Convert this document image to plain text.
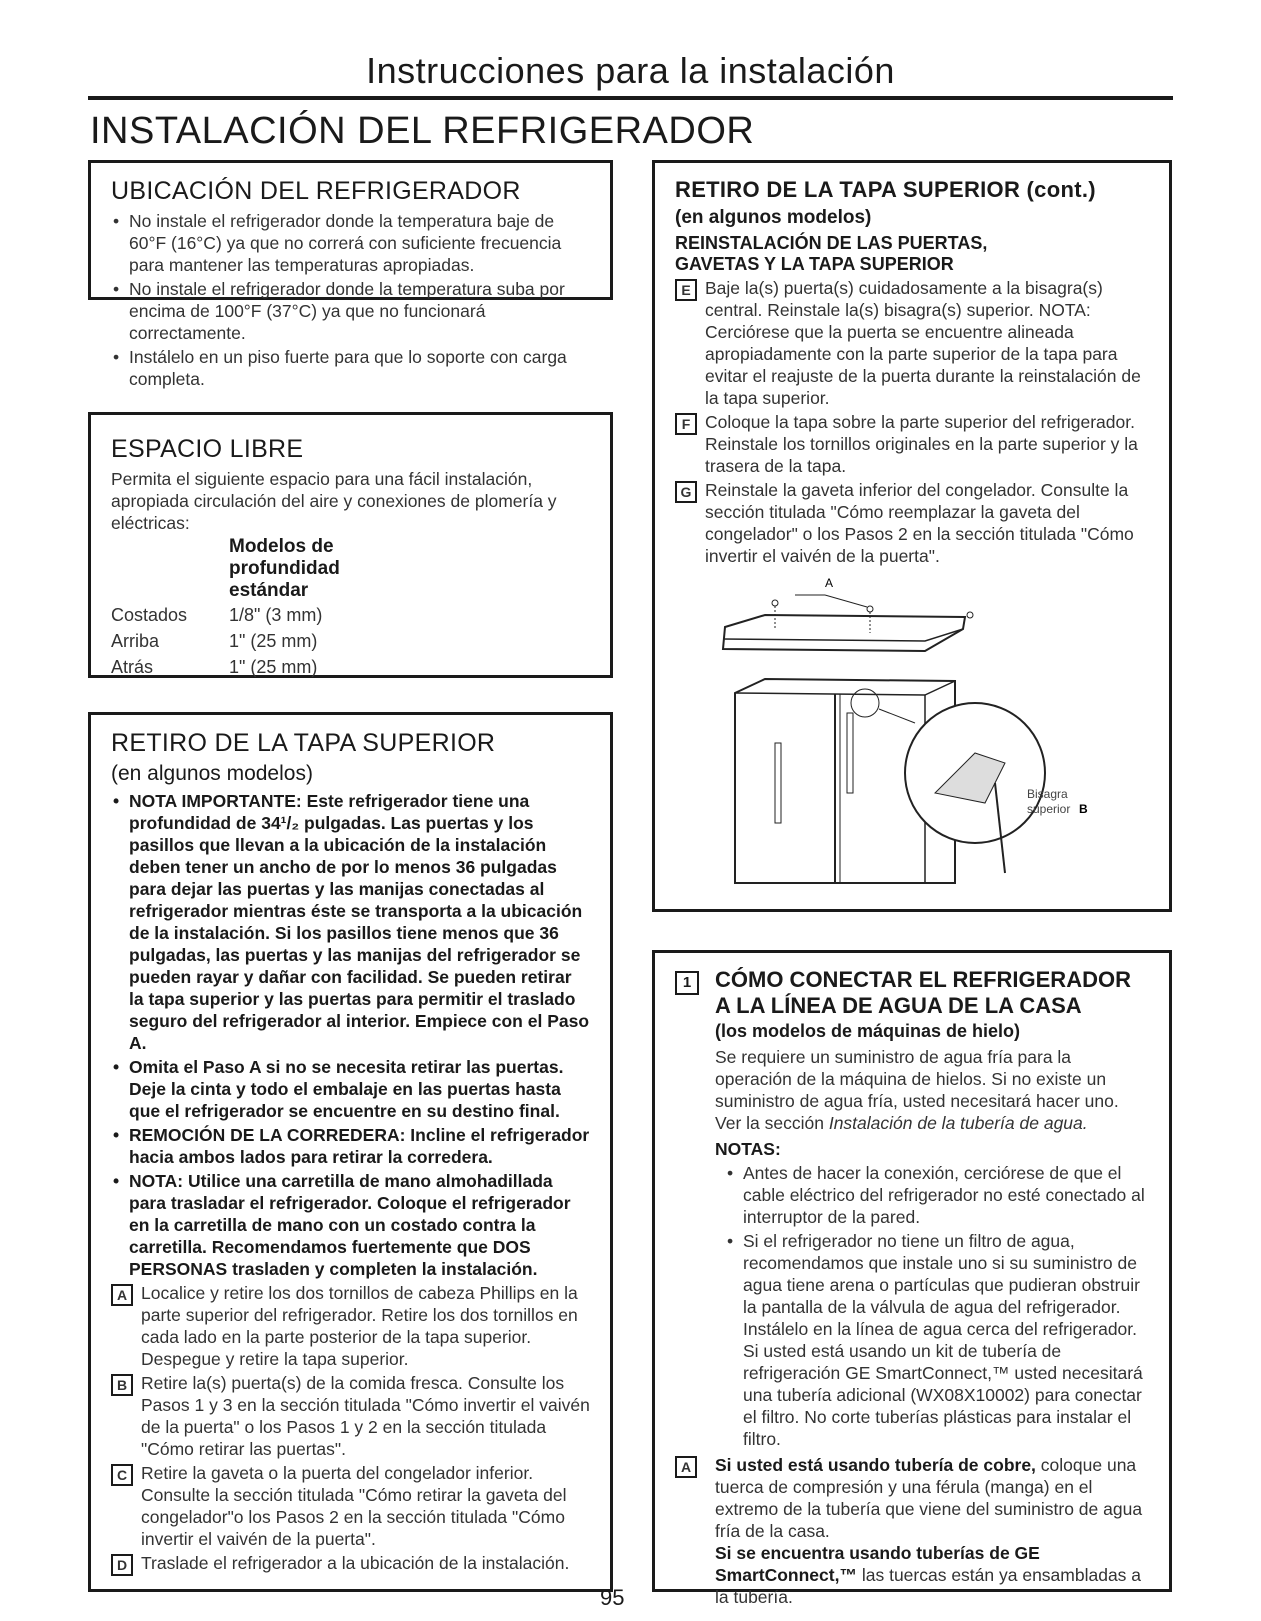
Instrucciones para la instalación
INSTALACIÓN DEL REFRIGERADOR
UBICACIÓN DEL REFRIGERADOR
• No instale el refrigerador donde la temperatura baje de 60°F (16°C) ya que no correrá con suficiente frecuencia para mantener las temperaturas apropiadas.
• No instale el refrigerador donde la temperatura suba por encima de 100°F (37°C) ya que no funcionará correctamente.
• Instálelo en un piso fuerte para que lo soporte con carga completa.
ESPACIO LIBRE
Permita el siguiente espacio para una fácil instalación, apropiada circulación del aire y conexiones de plomería y eléctricas:
Modelos de profundidad estándar
Costados	1/8" (3 mm)
Arriba	1" (25 mm)
Atrás	1" (25 mm)
RETIRO DE LA TAPA SUPERIOR
(en algunos modelos)
• NOTA IMPORTANTE: Este refrigerador tiene una profundidad de 34¹/₂ pulgadas. Las puertas y los pasillos que llevan a la ubicación de la instalación deben tener un ancho de por lo menos 36 pulgadas para dejar las puertas y las manijas conectadas al refrigerador mientras éste se transporta a la ubicación de la instalación. Si los pasillos tiene menos que 36 pulgadas, las puertas y las manijas del refrigerador se pueden rayar y dañar con facilidad. Se pueden retirar la tapa superior y las puertas para permitir el traslado seguro del refrigerador al interior. Empiece con el Paso A.
• Omita el Paso A si no se necesita retirar las puertas. Deje la cinta y todo el embalaje en las puertas hasta que el refrigerador se encuentre en su destino final.
• REMOCIÓN DE LA CORREDERA: Incline el refrigerador hacia ambos lados para retirar la corredera.
• NOTA: Utilice una carretilla de mano almohadillada para trasladar el refrigerador. Coloque el refrigerador en la carretilla de mano con un costado contra la carretilla. Recomendamos fuertemente que DOS PERSONAS trasladen y completen la instalación.
A Localice y retire los dos tornillos de cabeza Phillips en la parte superior del refrigerador. Retire los dos tornillos en cada lado en la parte posterior de la tapa superior. Despegue y retire la tapa superior.
B Retire la(s) puerta(s) de la comida fresca. Consulte los Pasos 1 y 3 en la sección titulada "Cómo invertir el vaivén de la puerta" o los Pasos 1 y 2 en la sección titulada "Cómo retirar las puertas".
C Retire la gaveta o la puerta del congelador inferior. Consulte la sección titulada "Cómo retirar la gaveta del congelador"o los Pasos 2 en la sección titulada "Cómo invertir el vaivén de la puerta".
D Traslade el refrigerador a la ubicación de la instalación.
RETIRO DE LA TAPA SUPERIOR (cont.)
(en algunos modelos)
REINSTALACIÓN DE LAS PUERTAS, GAVETAS Y LA TAPA SUPERIOR
E Baje la(s) puerta(s) cuidadosamente a la bisagra(s) central. Reinstale la(s) bisagra(s) superior. NOTA: Cerciórese que la puerta se encuentre alineada apropiadamente con la parte superior de la tapa para evitar el reajuste de la puerta durante la reinstalación de la tapa superior.
F Coloque la tapa sobre la parte superior del refrigerador. Reinstale los tornillos originales en la parte superior y la trasera de la tapa.
G Reinstale la gaveta inferior del congelador. Consulte la sección titulada "Cómo reemplazar la gaveta del congelador" o los Pasos 2 en la sección titulada "Cómo invertir el vaivén de la puerta".
A
Bisagra
superior B
1	CÓMO CONECTAR EL REFRIGERADOR
A LA LÍNEA DE AGUA DE LA CASA
(los modelos de máquinas de hielo)
Se requiere un suministro de agua fría para la operación de la máquina de hielos. Si no existe un suministro de agua fría, usted necesitará hacer uno. Ver la sección Instalación de la tubería de agua.
NOTAS:
• Antes de hacer la conexión, cerciórese de que el cable eléctrico del refrigerador no esté conectado al interruptor de la pared.
• Si el refrigerador no tiene un filtro de agua, recomendamos que instale uno si su suministro de agua tiene arena o partículas que pudieran obstruir la pantalla de la válvula de agua del refrigerador. Instálelo en la línea de agua cerca del refrigerador. Si usted está usando un kit de tubería de refrigeración GE SmartConnect,™ usted necesitará una tubería adicional (WX08X10002) para conectar el filtro. No corte tuberías plásticas para instalar el filtro.
A	Si usted está usando tubería de cobre, coloque una tuerca de compresión y una férula (manga) en el extremo de la tubería que viene del suministro de agua fría de la casa.
Si se encuentra usando tuberías de GE SmartConnect,™ las tuercas están ya ensambladas a la tubería.
95
